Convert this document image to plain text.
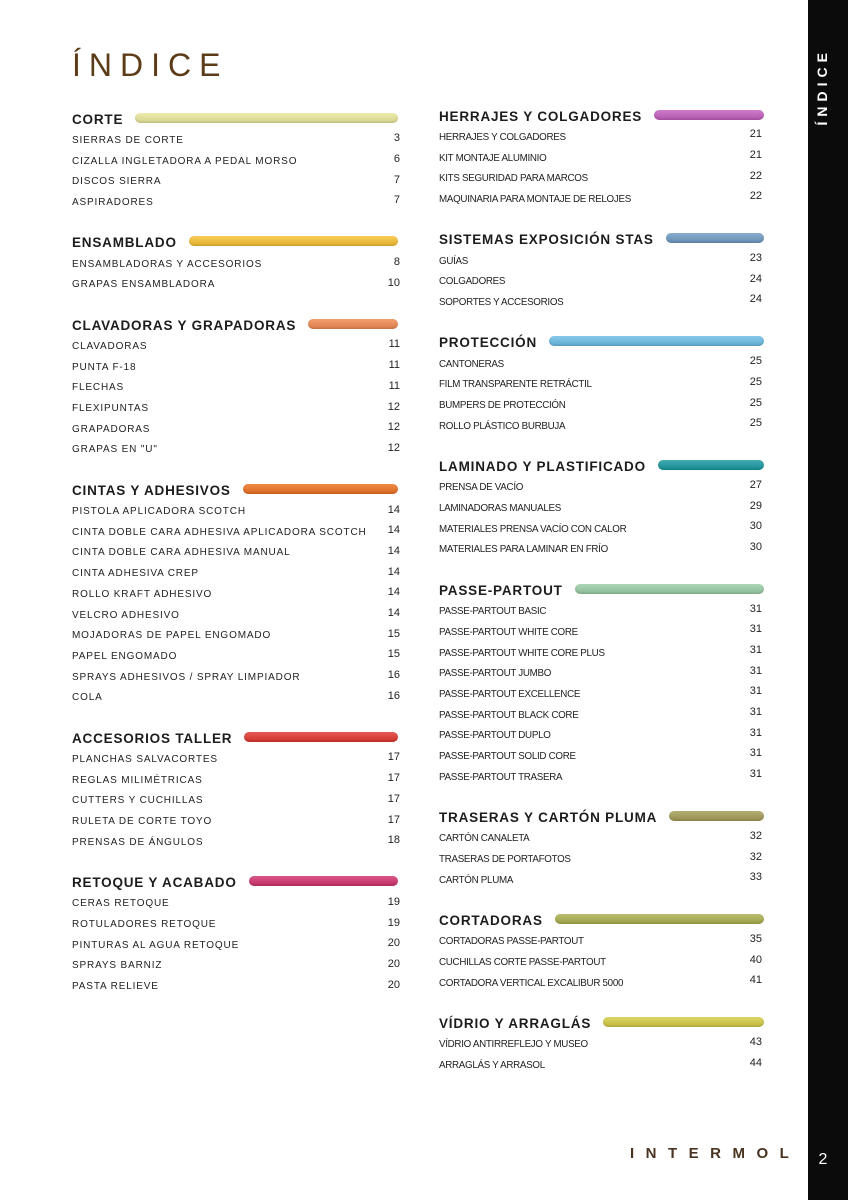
ÍNDICE
CORTE
SIERRAS DE CORTE	3
CIZALLA INGLETADORA A PEDAL MORSO	6
DISCOS SIERRA	7
ASPIRADORES	7
ENSAMBLADO
ENSAMBLADORAS Y ACCESORIOS	8
GRAPAS ENSAMBLADORA	10
CLAVADORAS Y GRAPADORAS
CLAVADORAS	11
PUNTA F-18	11
FLECHAS	11
FLEXIPUNTAS	12
GRAPADORAS	12
GRAPAS EN "U"	12
CINTAS Y ADHESIVOS
PISTOLA APLICADORA SCOTCH	14
CINTA DOBLE CARA ADHESIVA APLICADORA SCOTCH 14
CINTA DOBLE CARA ADHESIVA MANUAL	14
CINTA ADHESIVA CREP	14
ROLLO KRAFT ADHESIVO	14
VELCRO ADHESIVO	14
MOJADORAS DE PAPEL ENGOMADO	15
PAPEL ENGOMADO	15
SPRAYS ADHESIVOS / SPRAY LIMPIADOR	16
COLA	16
ACCESORIOS TALLER
PLANCHAS SALVACORTES	17
REGLAS MILIMÉTRICAS	17
CUTTERS Y CUCHILLAS	17
RULETA DE CORTE TOYO	17
PRENSAS DE ÁNGULOS	18
RETOQUE Y ACABADO
CERAS RETOQUE	19
ROTULADORES RETOQUE	19
PINTURAS AL AGUA RETOQUE	20
SPRAYS BARNIZ	20
PASTA RELIEVE	20
HERRAJES Y COLGADORES
HERRAJES Y COLGADORES	21
KIT MONTAJE ALUMINIO	21
KITS SEGURIDAD PARA MARCOS	22
MAQUINARIA PARA MONTAJE DE RELOJES	22
SISTEMAS EXPOSICIÓN STAS
GUÍAS	23
COLGADORES	24
SOPORTES Y ACCESORIOS	24
PROTECCIÓN
CANTONERAS	25
FILM TRANSPARENTE RETRÁCTIL	25
BUMPERS DE PROTECCIÓN	25
ROLLO PLÁSTICO BURBUJA	25
LAMINADO Y PLASTIFICADO
PRENSA DE VACÍO	27
LAMINADORAS MANUALES	29
MATERIALES PRENSA VACÍO CON CALOR	30
MATERIALES PARA LAMINAR EN FRÍO	30
PASSE-PARTOUT
PASSE-PARTOUT BASIC	31
PASSE-PARTOUT WHITE CORE	31
PASSE-PARTOUT WHITE CORE PLUS	31
PASSE-PARTOUT JUMBO	31
PASSE-PARTOUT EXCELLENCE	31
PASSE-PARTOUT BLACK CORE	31
PASSE-PARTOUT DUPLO	31
PASSE-PARTOUT SOLID CORE	31
PASSE-PARTOUT TRASERA	31
TRASERAS Y CARTÓN PLUMA
CARTÓN CANALETA	32
TRASERAS DE PORTAFOTOS	32
CARTÓN PLUMA	33
CORTADORAS
CORTADORAS PASSE-PARTOUT	35
CUCHILLAS CORTE PASSE-PARTOUT	40
CORTADORA VERTICAL EXCALIBUR 5000	41
VÍDRIO Y ARRAGLÁS
VÍDRIO ANTIRREFLEJO Y MUSEO	43
ARRAGLÁS Y ARRASOL	44
ÍNDICE
2
INTERMOL
